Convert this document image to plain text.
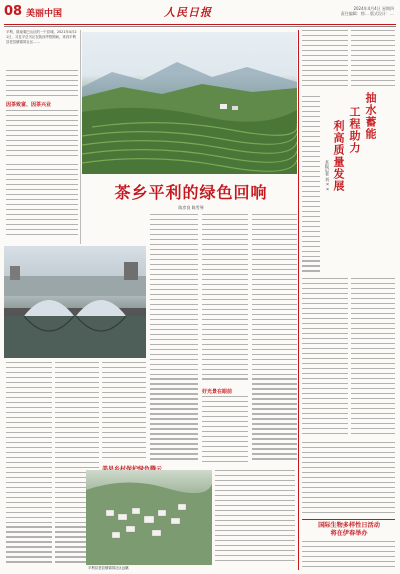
08 美丽中国	人民日报	2024年4月4日 星期四
责任编辑：徐… 版式设计：…
平利，陕南秦巴山区的一个县城。2021年4月21日，习近平总书记在陕西考察期间，来到平利县老县镇锦屏社区……
因茶致富、因茶兴业
茶乡平利的绿色回响
陈彦良 陈雪琴
好光景在眼前
平利县老县镇锦屏社区远眺
抽水蓄能
工程助力
利高质量发展
本报记者 刘××
国际生物多样性日活动
将在伊春举办
